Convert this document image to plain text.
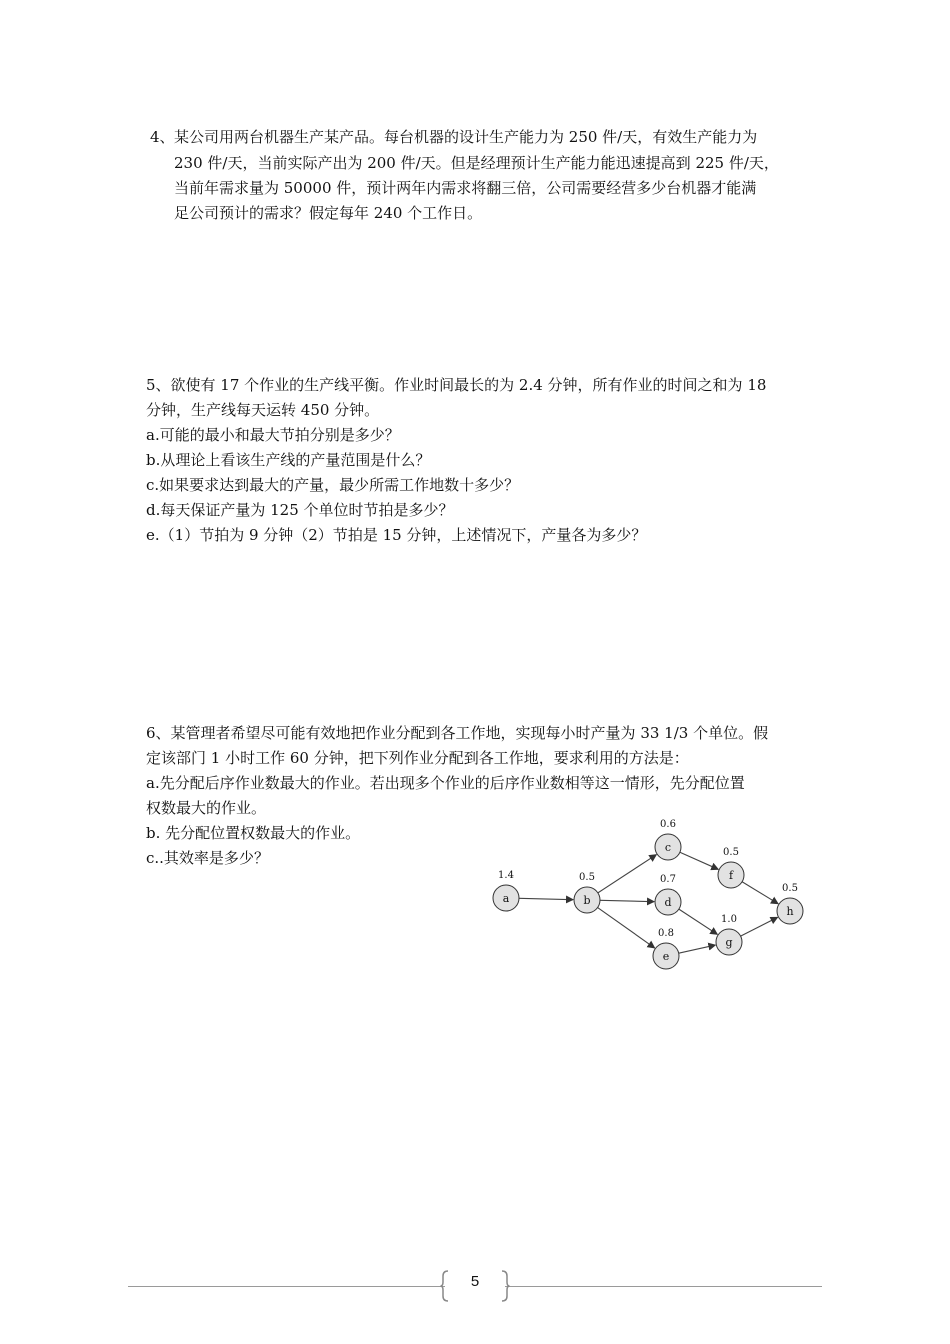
4、 某公司用两台机器生产某产品。每台机器的设计生产能力为 250 件/天，有效生产能力为
230 件/天，当前实际产出为 200 件/天。但是经理预计生产能力能迅速提高到 225 件/天，
当前年需求量为 50000 件，预计两年内需求将翻三倍，公司需要经营多少台机器才能满
足公司预计的需求？假定每年 240 个工作日。
5、欲使有 17 个作业的生产线平衡。作业时间最长的为 2.4 分钟，所有作业的时间之和为 18
分钟，生产线每天运转 450 分钟。
a.可能的最小和最大节拍分别是多少？
b.从理论上看该生产线的产量范围是什么？
c.如果要求达到最大的产量，最少所需工作地数十多少？
d.每天保证产量为 125 个单位时节拍是多少？
e.（1）节拍为 9 分钟（2）节拍是 15 分钟，上述情况下，产量各为多少？
6、某管理者希望尽可能有效地把作业分配到各工作地，实现每小时产量为 33 1/3 个单位。假
定该部门 1 小时工作 60 分钟，把下列作业分配到各工作地，要求利用的方法是：
a.先分配后序作业数最大的作业。若出现多个作业的后序作业数相等这一情形，先分配位置
权数最大的作业。
b. 先分配位置权数最大的作业。
c..其效率是多少？
a
1.4
b
0.5
c
0.6
d
0.7
e
0.8
f
0.5
g
1.0
h
0.5
5
